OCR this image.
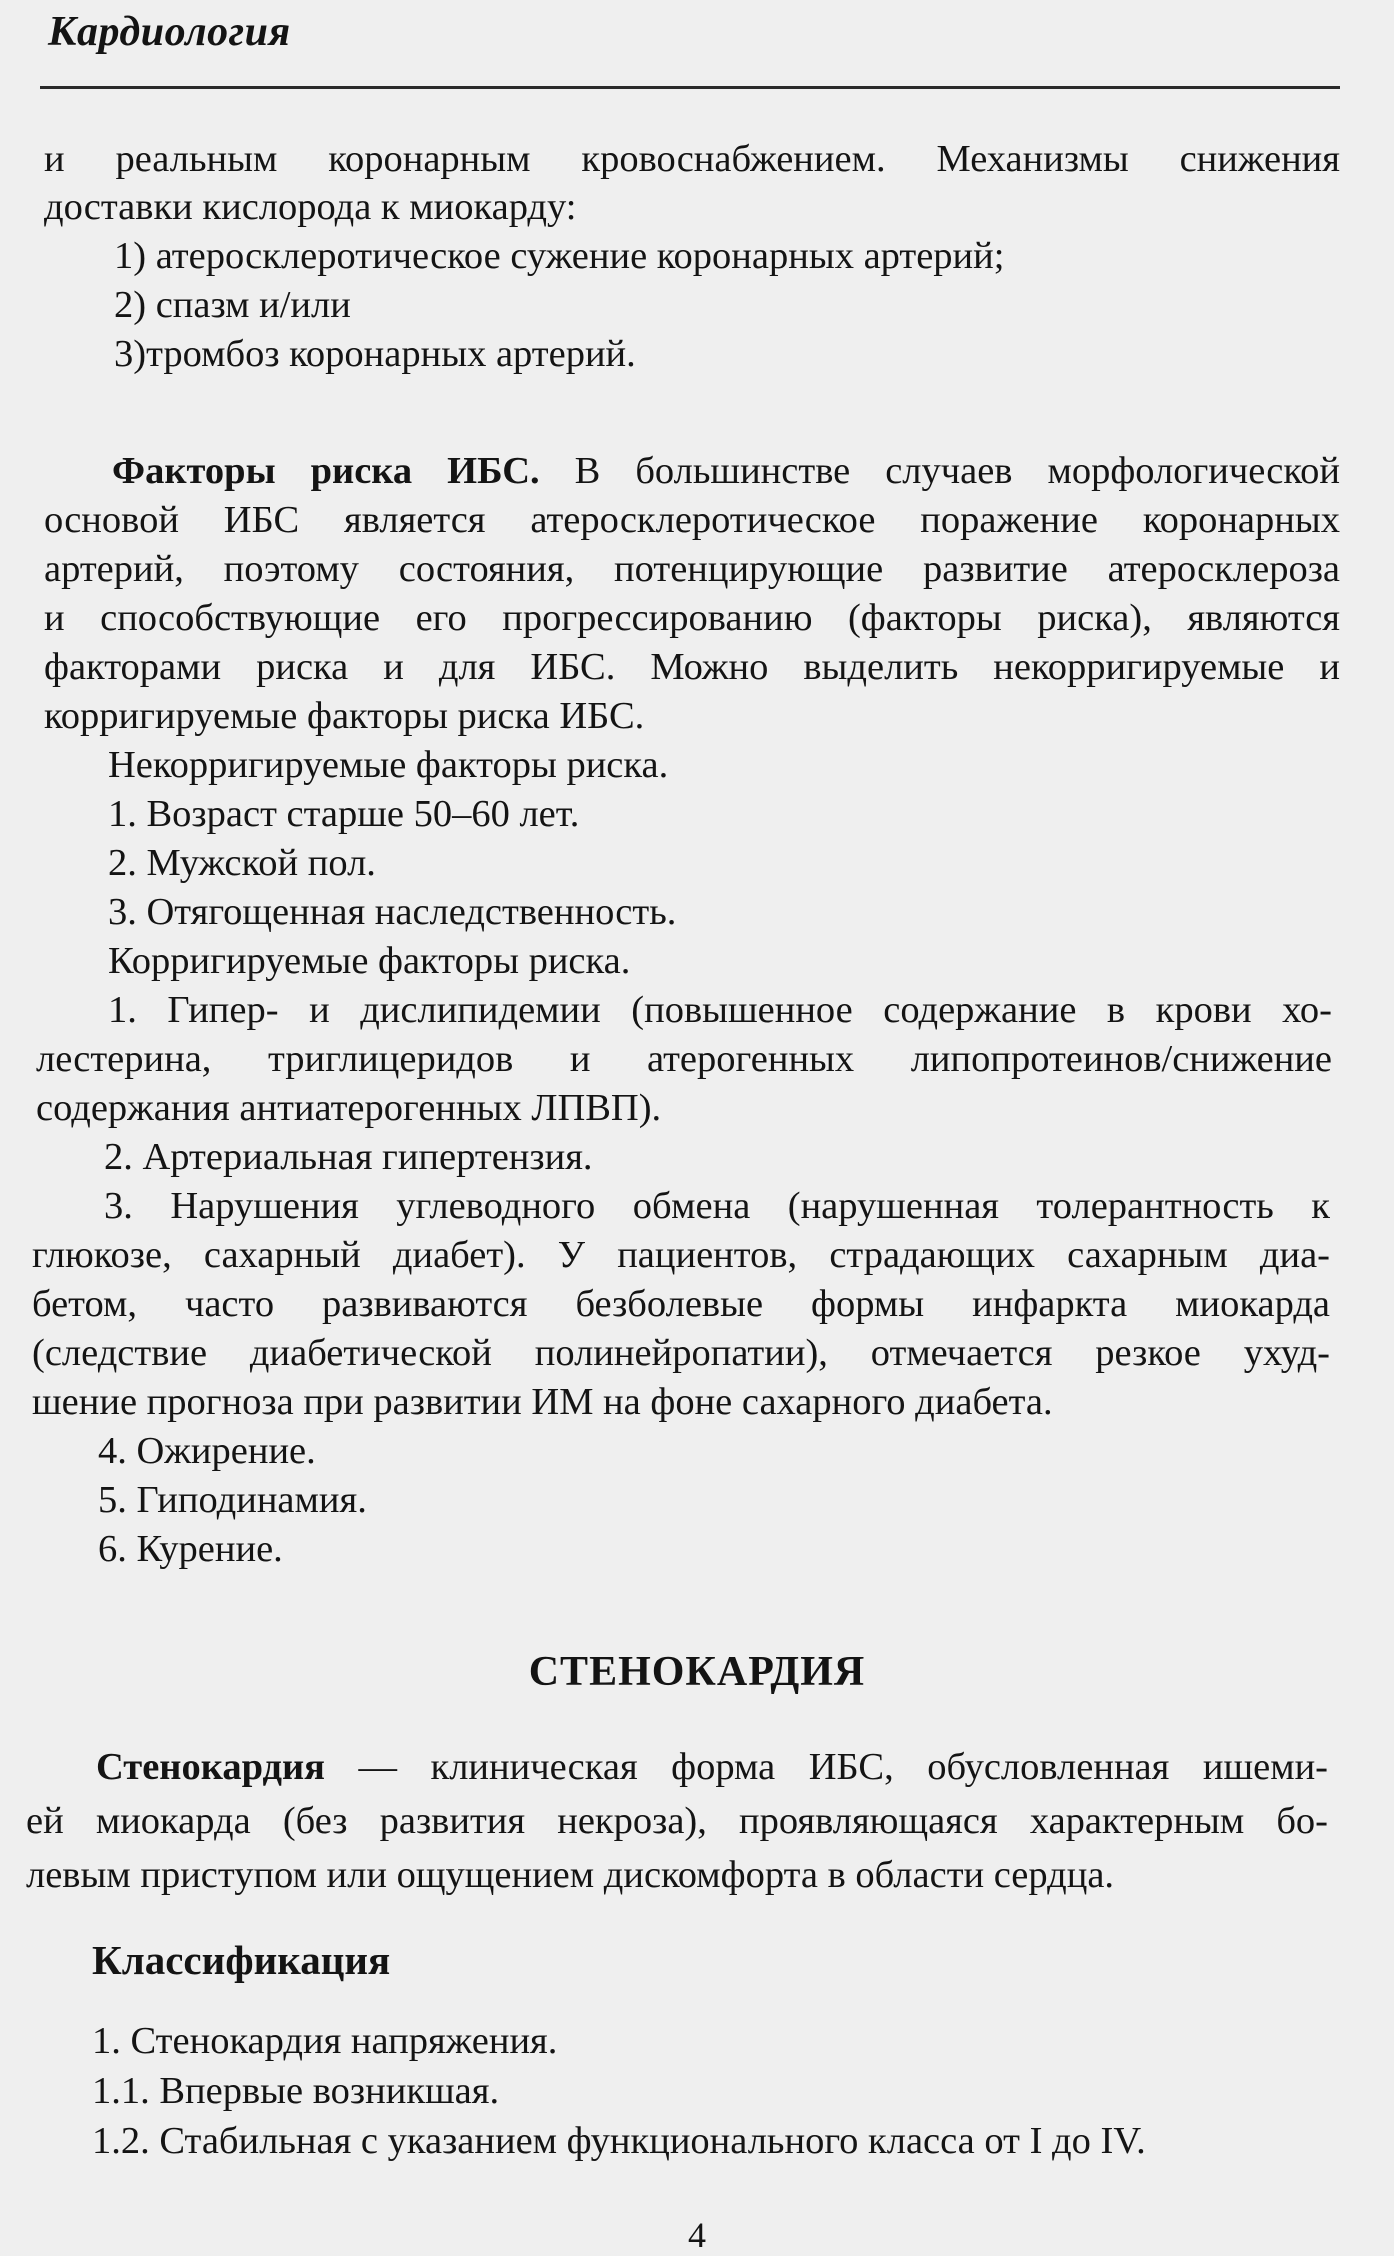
Кардиология
и реальным коронарным кровоснабжением. Механизмы снижения
доставки кислорода к миокарду:
1) атеросклеротическое сужение коронарных артерий;
2) спазм и/или
3)тромбоз коронарных артерий.
Факторы риска ИБС. В большинстве случаев морфологической
основой ИБС является атеросклеротическое поражение коронарных
артерий, поэтому состояния, потенцирующие развитие атеросклероза
и способствующие его прогрессированию (факторы риска), являются
факторами риска и для ИБС. Можно выделить некорригируемые и
корригируемые факторы риска ИБС.
Некорригируемые факторы риска.
1. Возраст старше 50–60 лет.
2. Мужской пол.
3. Отягощенная наследственность.
Корригируемые факторы риска.
1. Гипер- и дислипидемии (повышенное содержание в крови хо-
лестерина, триглицеридов и атерогенных липопротеинов/снижение
содержания антиатерогенных ЛПВП).
2. Артериальная гипертензия.
3. Нарушения углеводного обмена (нарушенная толерантность к
глюкозе, сахарный диабет). У пациентов, страдающих сахарным диа-
бетом, часто развиваются безболевые формы инфаркта миокарда
(следствие диабетической полинейропатии), отмечается резкое ухуд-
шение прогноза при развитии ИМ на фоне сахарного диабета.
4. Ожирение.
5. Гиподинамия.
6. Курение.
СТЕНОКАРДИЯ
Стенокардия — клиническая форма ИБС, обусловленная ишеми-
ей миокарда (без развития некроза), проявляющаяся характерным бо-
левым приступом или ощущением дискомфорта в области сердца.
Классификация
1. Стенокардия напряжения.
1.1. Впервые возникшая.
1.2. Стабильная с указанием функционального класса от I до IV.
4
